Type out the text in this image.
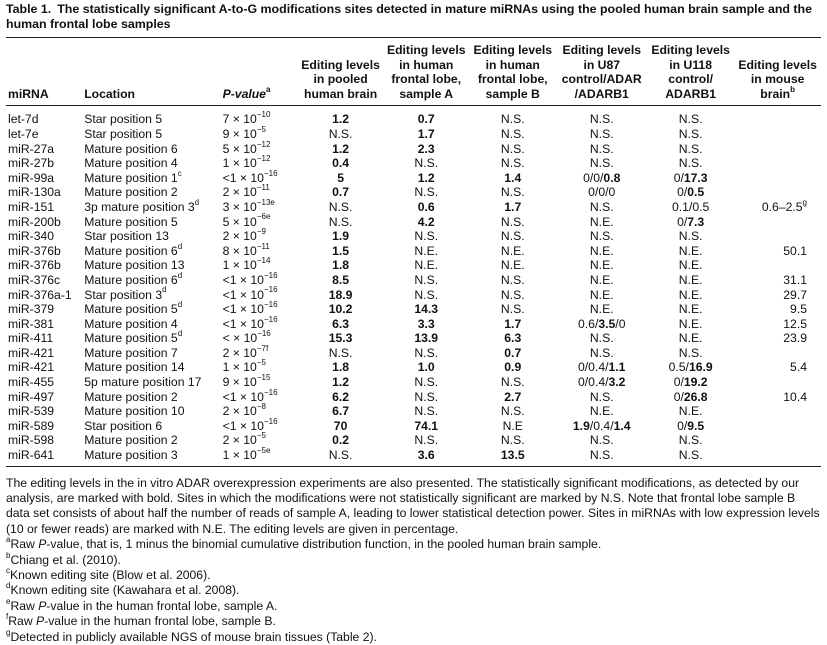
Table 1. The statistically significant A-to-G modifications sites detected in mature miRNAs using the pooled human brain sample and the human frontal lobe samples
miRNA	Location	P-value$^a$	Editing levels in pooled human brain	Editing levels in human frontal lobe, sample A	Editing levels in human frontal lobe, sample B	Editing levels in U87 control/ADAR /ADARB1	Editing levels in U118 control/ ADARB1	Editing levels in mouse brain$^b$

let-7d	Star position 5	$7 \times 10^{-10}$	1.2	0.7	N.S.	N.S.	N.S.	
let-7e	Star position 5	$9 \times 10^{-5}$	N.S.	1.7	N.S.	N.S.	N.S.	
miR-27a	Mature position 6	$5 \times 10^{-12}$	1.2	2.3	N.S.	N.S.	N.S.	
miR-27b	Mature position 4	$1 \times 10^{-12}$	0.4	N.S.	N.S.	N.S.	N.S.	
miR-99a	Mature position $1^c$	$<1 \times 10^{-16}$	5	1.2	1.4	0/0/0.8	0/17.3	
miR-130a	Mature position 2	$2 \times 10^{-11}$	0.7	N.S.	N.S.	0/0/0	0/0.5	
miR-151	3p mature position 3$^d$	$3 \times 10^{-13e}$	N.S.	0.6	1.7	N.S.	0.1/0.5	0.6–2.5$^g$
miR-200b	Mature position 5	$5 \times 10^{-6e}$	N.S.	4.2	N.S.	N.E.	0/7.3	
miR-340	Star position 13	$2 \times 10^{-9}$	1.9	N.S.	N.S.	N.S.	N.S.	
miR-376b	Mature position 6$^d$	$8 \times 10^{-11}$	1.5	N.E.	N.E.	N.E.	N.E.	50.1
miR-376b	Mature position 13	$1 \times 10^{-14}$	1.8	N.E.	N.E.	N.E.	N.E.	
miR-376c	Mature position $6^d$	$<1 \times 10^{-16}$	8.5	N.S.	N.S.	N.E.	N.E.	31.1
miR-376a-1	Star position $3^d$	$<1 \times 10^{-16}$	18.9	N.S.	N.S.	N.E.	N.E.	29.7
miR-379	Mature position $5^d$	$<1 \times 10^{-16}$	10.2	14.3	N.S.	N.E.	N.E.	9.5
miR-381	Mature position 4	$<1 \times 10^{-16}$	6.3	3.3	1.7	0.6/3.5/0	N.E.	12.5
miR-411	Mature position $5^d$	< × $10^{-16}$	15.3	13.9	6.3	N.S.	N.E.	23.9
miR-421	Mature position 7	$2 \times 10^{-7f}$	N.S.	N.S.	0.7	N.S.	N.S.	
miR-421	Mature position 14	$1 \times 10^{-5}$	1.8	1.0	0.9	0/0.4/1.1	0.5/16.9	5.4
miR-455	5p mature position 17	$9 \times 10^{-15}$	1.2	N.S.	N.S.	0/0.4/3.2	0/19.2	
miR-497	Mature position 2	$<1 \times 10^{-16}$	6.2	N.S.	2.7	N.S.	0/26.8	10.4
miR-539	Mature position 10	$2 \times 10^{-8}$	6.7	N.S.	N.S.	N.E.	N.E.	
miR-589	Star position 6	$<1 \times 10^{-16}$	70	74.1	N.E	1.9/0.4/1.4	0/9.5	
miR-598	Mature position 2	$2 \times 10^{-5}$	0.2	N.S.	N.S.	N.S.	N.S.	
miR-641	Mature position 3	$1 \times 10^{-5e}$	N.S.	3.6	13.5	N.S.	N.S.	

The editing levels in the in vitro ADAR overexpression experiments are also presented. The statistically significant modifications, as detected by our analysis, are marked with bold. Sites in which the modifications were not statistically significant are marked by N.S. Note that frontal lobe sample B data set consists of about half the number of reads of sample A, leading to lower statistical detection power. Sites in miRNAs with low expression levels (10 or fewer reads) are marked with N.E. The editing levels are given in percentage.

$^a$Raw P-value, that is, 1 minus the binomial cumulative distribution function, in the pooled human brain sample.

$^b$Chiang et al. (2010).

$^c$Known editing site (Blow et al. 2006).

$^d$Known editing site (Kawahara et al. 2008).

$^e$Raw P-value in the human frontal lobe, sample A.

$^f$Raw P-value in the human frontal lobe, sample B.

$^g$Detected in publicly available NGS of mouse brain tissues (Table 2).
